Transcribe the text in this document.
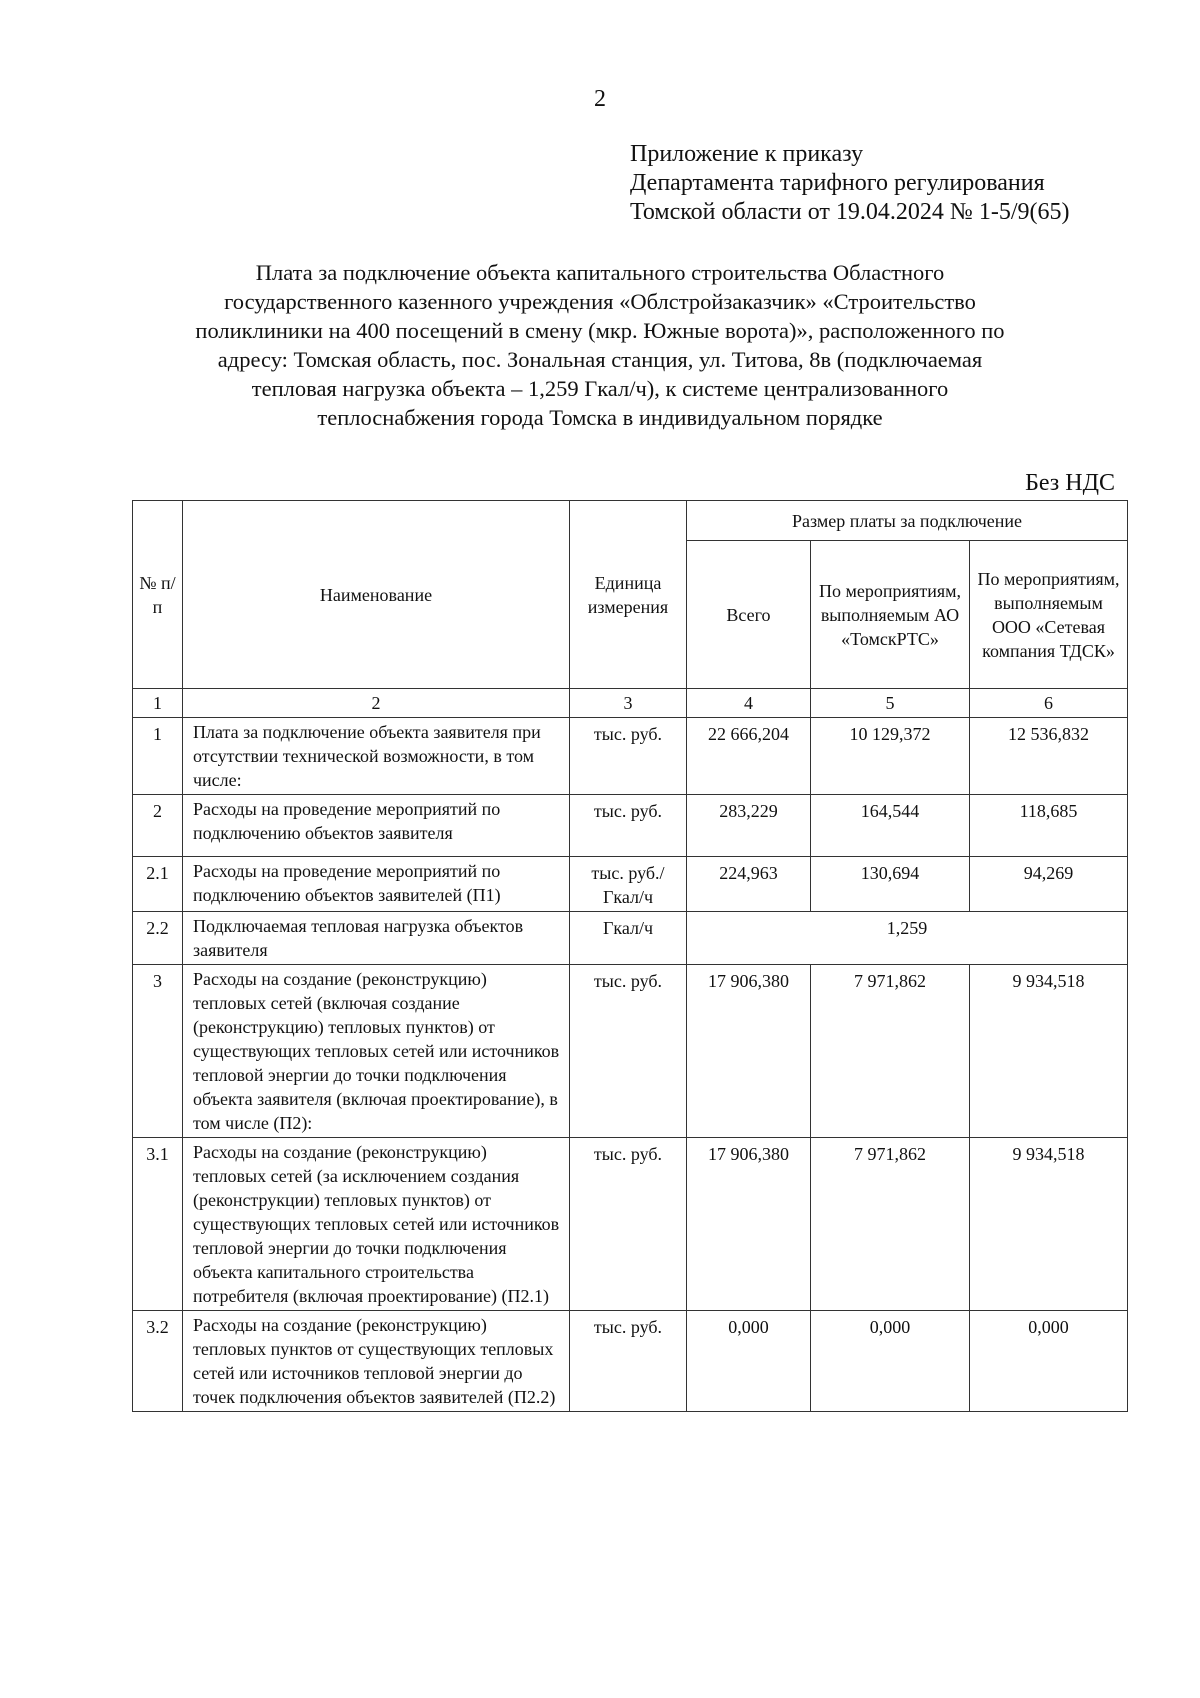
2
Приложение к приказу
Департамента тарифного регулирования
Томской области от 19.04.2024 № 1-5/9(65)
Плата за подключение объекта капитального строительства Областного
государственного казенного учреждения «Облстройзаказчик» «Строительство
поликлиники на 400 посещений в смену (мкр. Южные ворота)», расположенного по
адресу: Томская область, пос. Зональная станция, ул. Титова, 8в (подключаемая
тепловая нагрузка объекта – 1,259 Гкал/ч), к системе централизованного
теплоснабжения города Томска в индивидуальном порядке
Без НДС
№ п/п	Наименование	Единица измерения	Размер платы за подключение		
			Всего	По мероприятиям, выполняемым АО «ТомскРТС»	По мероприятиям, выполняемым ООО «Сетевая компания ТДСК»
1	2	3	4	5	6
1	Плата за подключение объекта заявителя при отсутствии технической возможности, в том числе:	тыс. руб.	22 666,204	10 129,372	12 536,832
2	Расходы на проведение мероприятий по подключению объектов заявителя	тыс. руб.	283,229	164,544	118,685
2.1	Расходы на проведение мероприятий по подключению объектов заявителей (П1)	тыс. руб./ Гкал/ч	224,963	130,694	94,269
2.2	Подключаемая тепловая нагрузка объектов заявителя	Гкал/ч	1,259		
3	Расходы на создание (реконструкцию) тепловых сетей (включая создание (реконструкцию) тепловых пунктов) от существующих тепловых сетей или источников тепловой энергии до точки подключения объекта заявителя (включая проектирование), в том числе (П2):	тыс. руб.	17 906,380	7 971,862	9 934,518
3.1	Расходы на создание (реконструкцию) тепловых сетей (за исключением создания (реконструкции) тепловых пунктов) от существующих тепловых сетей или источников тепловой энергии до точки подключения объекта капитального строительства потребителя (включая проектирование) (П2.1)	тыс. руб.	17 906,380	7 971,862	9 934,518
3.2	Расходы на создание (реконструкцию) тепловых пунктов от существующих тепловых сетей или источников тепловой энергии до точек подключения объектов заявителей (П2.2)	тыс. руб.	0,000	0,000	0,000
